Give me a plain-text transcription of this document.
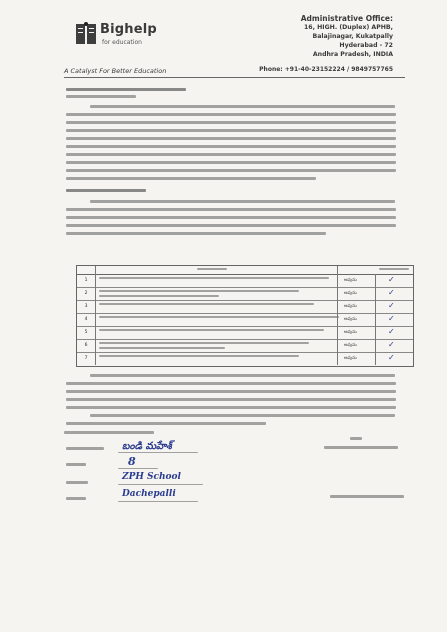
Bighelp
for education
A Catalyst For Better Education
Administrative Office:
16, HIGH. (Duplex) APHB,
Balajinagar, Kukatpally
Hyderabad - 72
Andhra Pradesh, INDIA
Phone: +91-40-23152224 / 9849757765
1	అవును	✓
2	అవును	✓
3	అవును	✓
4	అవును	✓
5	అవును	✓
6	అవును	✓
7	అవును	✓
బండి మహేశ్
8
ZPH School
Dachepalli
